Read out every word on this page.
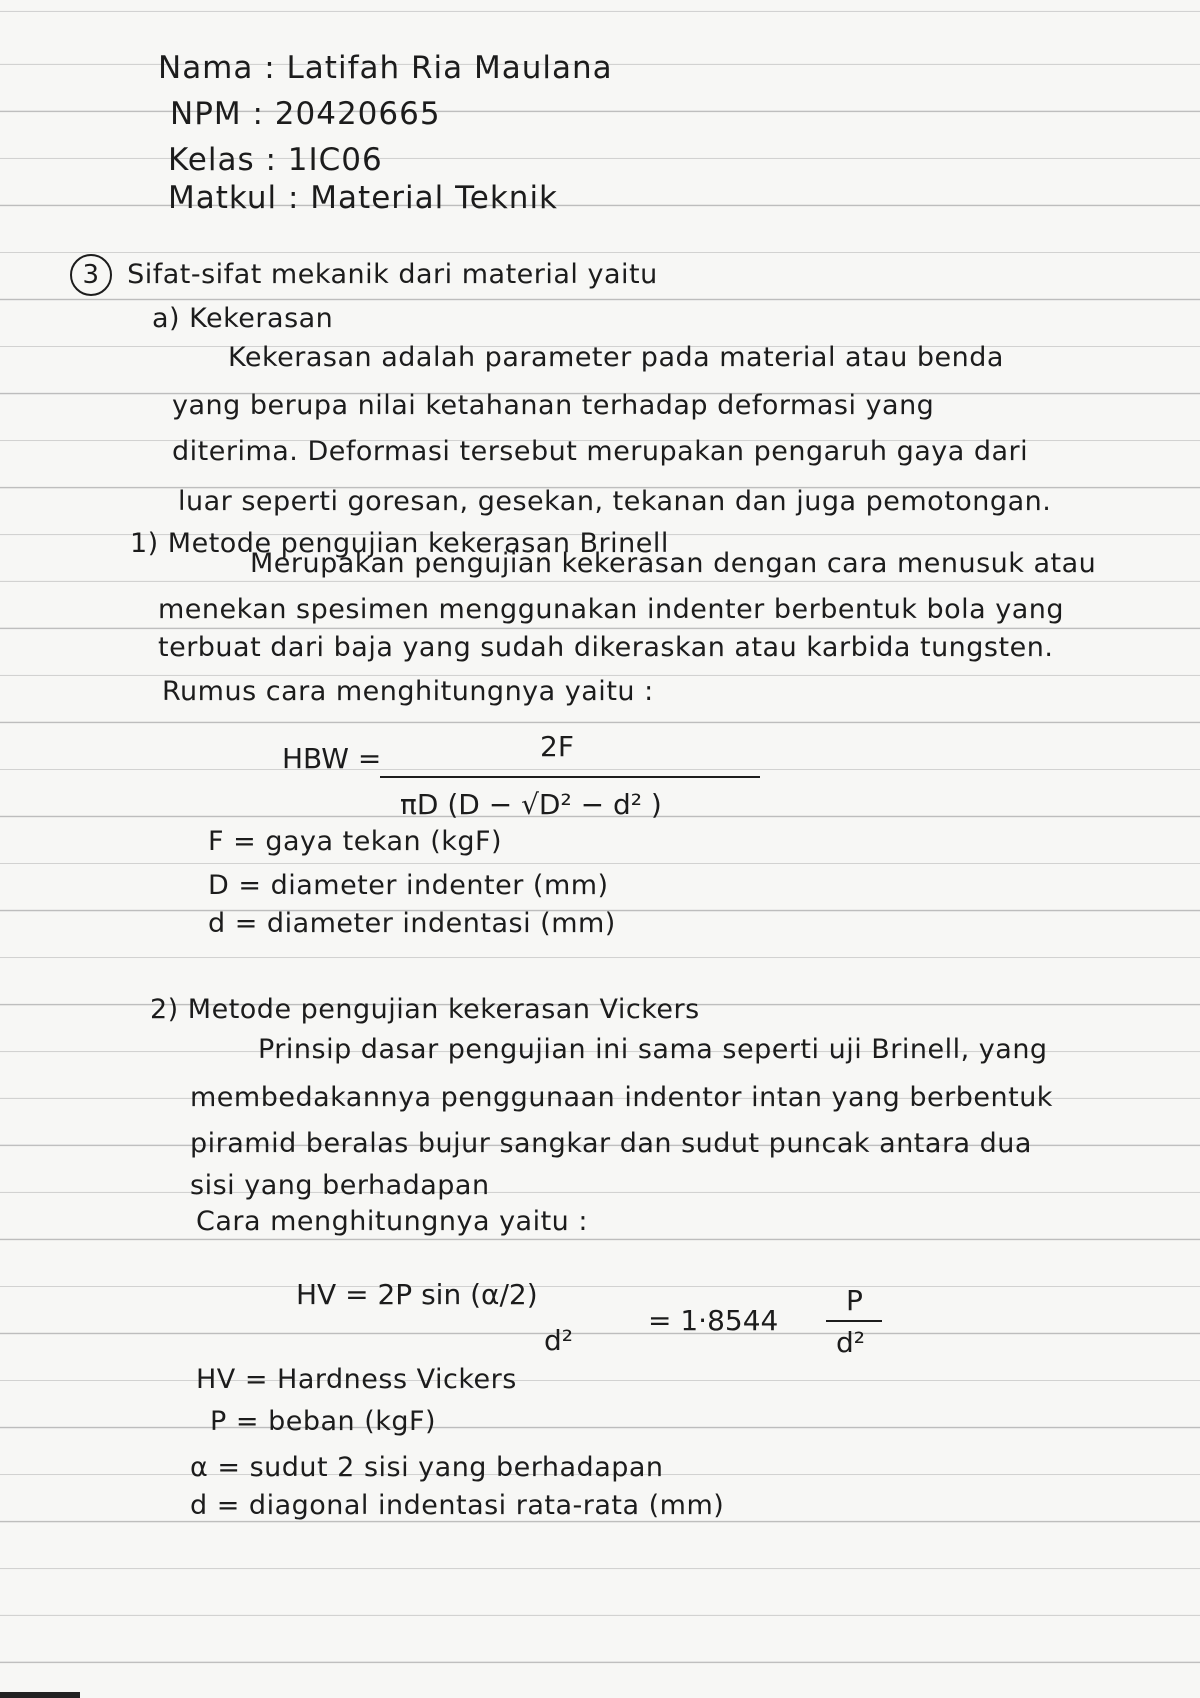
Nama : Latifah Ria Maulana
NPM : 20420665
Kelas : 1IC06
Matkul : Material Teknik
3 Sifat-sifat mekanik dari material yaitu
a) Kekerasan
Kekerasan adalah parameter pada material atau benda
yang berupa nilai ketahanan terhadap deformasi yang
diterima. Deformasi tersebut merupakan pengaruh gaya dari
luar seperti goresan, gesekan, tekanan dan juga pemotongan.
1) Metode pengujian kekerasan Brinell
Merupakan pengujian kekerasan dengan cara menusuk atau
menekan spesimen menggunakan indenter berbentuk bola yang
terbuat dari baja yang sudah dikeraskan atau karbida tungsten.
Rumus cara menghitungnya yaitu :
HBW =	2F
πD (D − √D² − d² )
F = gaya tekan (kgF)
D = diameter indenter (mm)
d = diameter indentasi (mm)
2) Metode pengujian kekerasan Vickers
Prinsip dasar pengujian ini sama seperti uji Brinell, yang
membedakannya penggunaan indentor intan yang berbentuk
piramid beralas bujur sangkar dan sudut puncak antara dua
sisi yang berhadapan
Cara menghitungnya yaitu :
HV = 2P sin (α/2)
d²
= 1·8544
P
d²
HV = Hardness Vickers
P = beban (kgF)
α = sudut 2 sisi yang berhadapan
d = diagonal indentasi rata-rata (mm)
